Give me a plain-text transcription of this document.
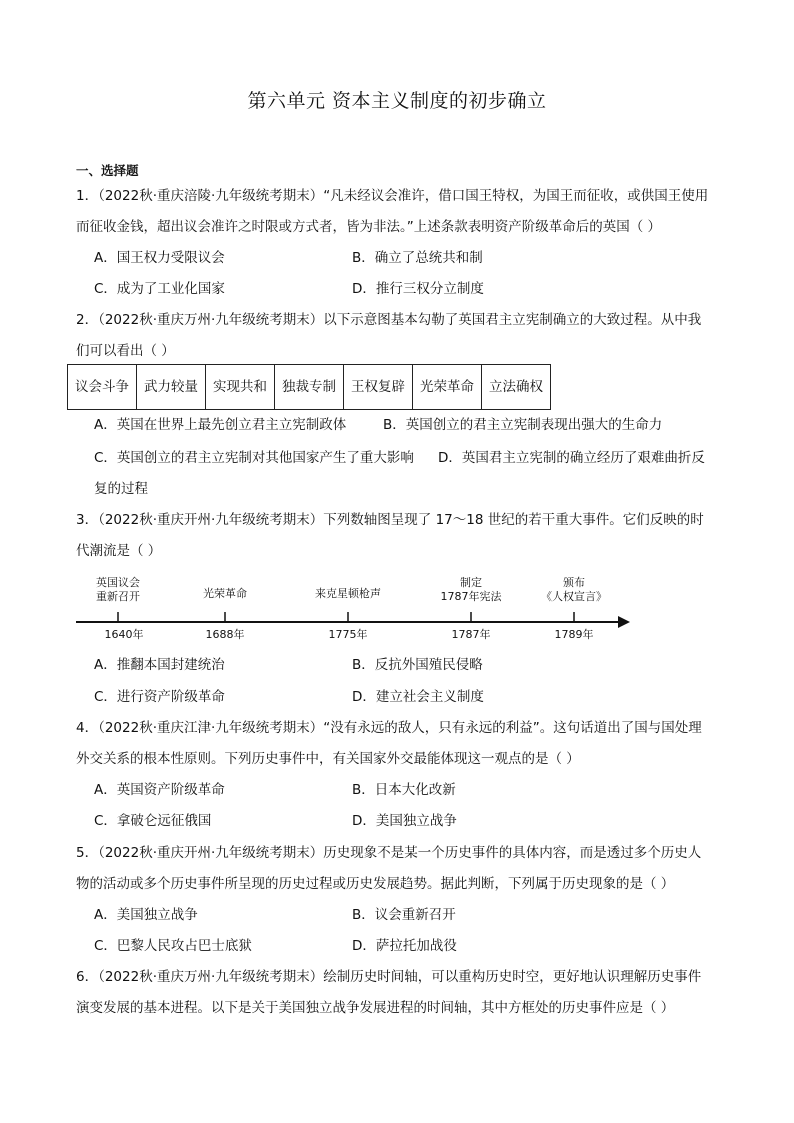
第六单元 资本主义制度的初步确立
一、选择题
1．（2022秋·重庆涪陵·九年级统考期末）“凡未经议会准许，借口国王特权，为国王而征收，或供国王使用
而征收金钱，超出议会准许之时限或方式者，皆为非法。”上述条款表明资产阶级革命后的英国（ ）
A．国王权力受限议会	B．确立了总统共和制
C．成为了工业化国家	D．推行三权分立制度
2．（2022秋·重庆万州·九年级统考期末）以下示意图基本勾勒了英国君主立宪制确立的大致过程。从中我
们可以看出（ ）
议会斗争	武力较量	实现共和	独裁专制	王权复辟	光荣革命	立法确权
A．英国在世界上最先创立君主立宪制政体	B．英国创立的君主立宪制表现出强大的生命力
C．英国创立的君主立宪制对其他国家产生了重大影响 D．英国君主立宪制的确立经历了艰难曲折反
复的过程
3．（2022秋·重庆开州·九年级统考期末）下列数轴图呈现了 17～18 世纪的若干重大事件。它们反映的时
代潮流是（ ）
英国议会
重新召开	光荣革命	来克星顿枪声
制定
1787年宪法
颁布
《人权宣言》
1640年	1688年	1775年	1787年	1789年
A．推翻本国封建统治	B．反抗外国殖民侵略
C．进行资产阶级革命	D．建立社会主义制度
4．（2022秋·重庆江津·九年级统考期末）“没有永远的敌人，只有永远的利益”。这句话道出了国与国处理
外交关系的根本性原则。下列历史事件中，有关国家外交最能体现这一观点的是（ ）
A．英国资产阶级革命	B．日本大化改新
C．拿破仑远征俄国	D．美国独立战争
5．（2022秋·重庆开州·九年级统考期末）历史现象不是某一个历史事件的具体内容，而是透过多个历史人
物的活动或多个历史事件所呈现的历史过程或历史发展趋势。据此判断，下列属于历史现象的是（ ）
A．美国独立战争	B．议会重新召开
C．巴黎人民攻占巴士底狱	D．萨拉托加战役
6．（2022秋·重庆万州·九年级统考期末）绘制历史时间轴，可以重构历史时空，更好地认识理解历史事件
演变发展的基本进程。以下是关于美国独立战争发展进程的时间轴，其中方框处的历史事件应是（ ）
